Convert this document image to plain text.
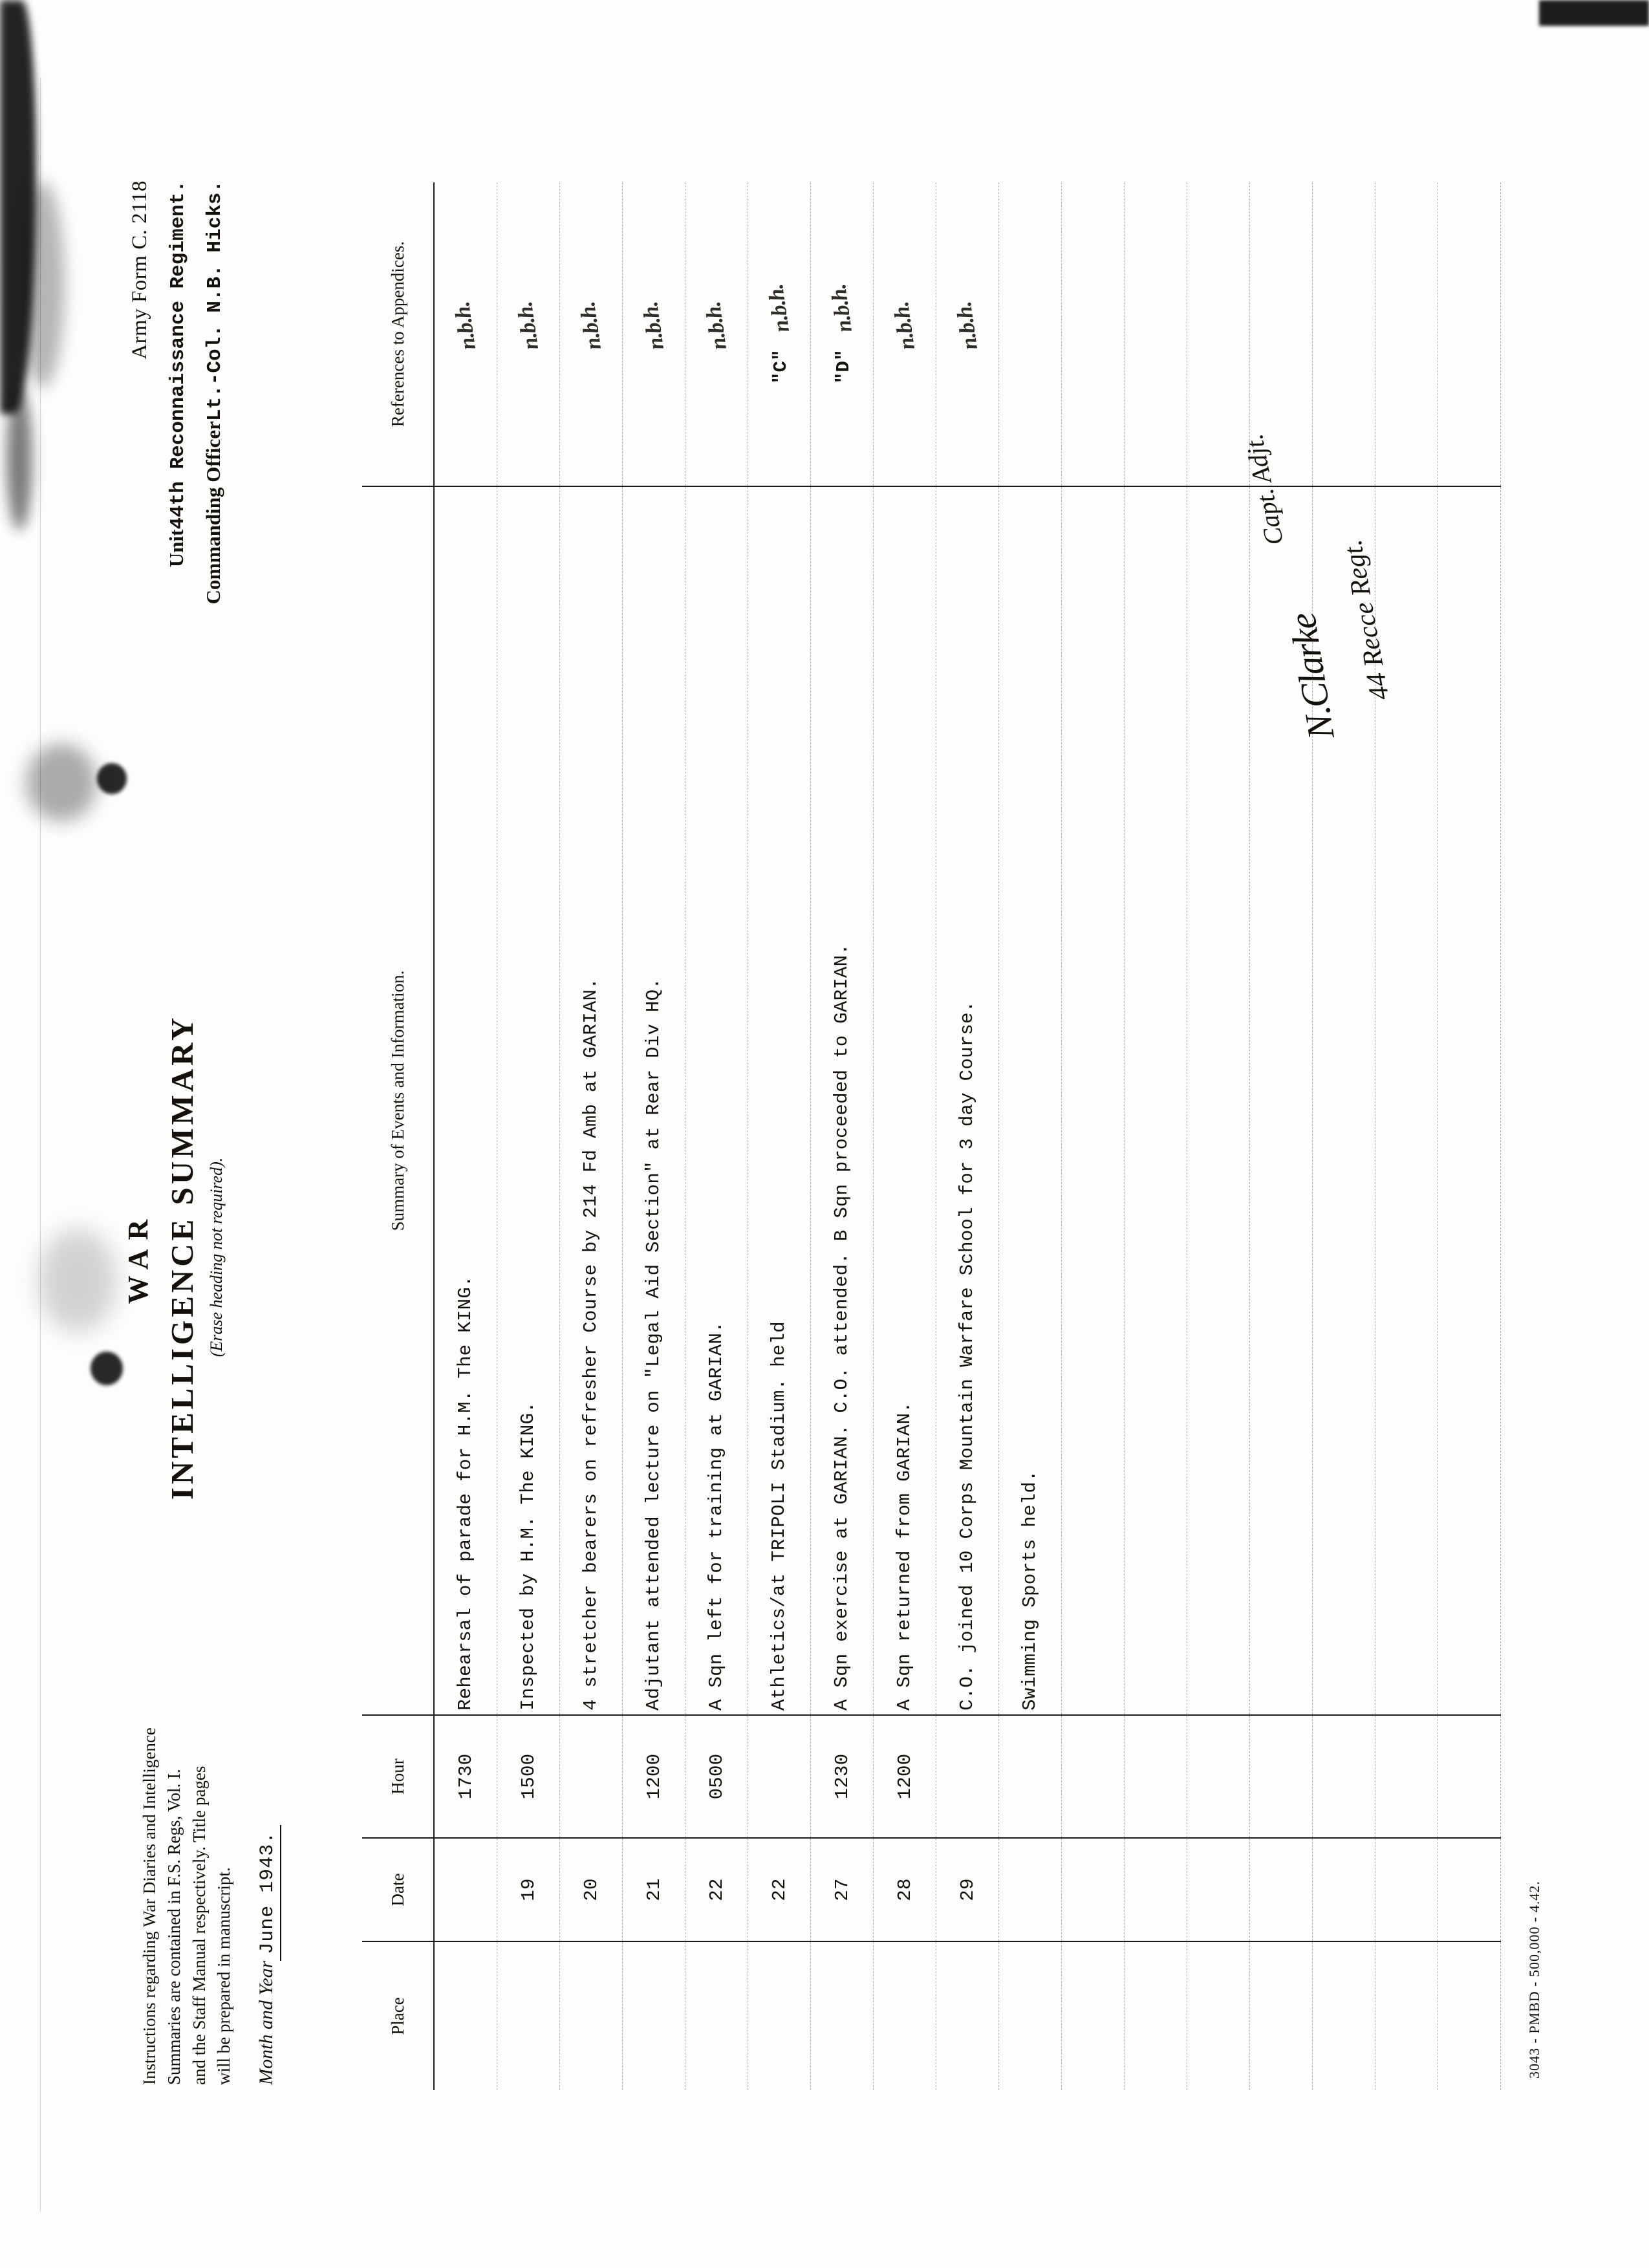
Instructions regarding War Diaries and Intelligence Summaries are contained in F.S. Regs, Vol. I. and the Staff Manual respectively. Title pages will be prepared in manuscript. Month and YearJune 1943.
WAR INTELLIGENCE SUMMARY (Erase heading not required).
Army Form C. 2118
Unit44th Reconnaissance Regiment. Commanding OfficerLt.-Col. N.B. Hicks.
Place	Date	Hour	Summary of Events and Information.	References to Appendices.
		1730	Rehearsal of parade for H.M. The KING.	n.b.h.
	19	1500	Inspected by H.M. The KING.	n.b.h.
	20		4 stretcher bearers on refresher Course by 214 Fd Amb at GARIAN.	n.b.h.
	21	1200	Adjutant attended lecture on "Legal Aid Section" at Rear Div HQ.	n.b.h.
	22	0500	A Sqn left for training at GARIAN.	n.b.h.
	22		Athletics/at TRIPOLI Stadium. held	"C"n.b.h.
	27	1230	A Sqn exercise at GARIAN. C.O. attended. B Sqn proceeded to GARIAN.	"D"n.b.h.
	28	1200	A Sqn returned from GARIAN.	n.b.h.
	29		C.O. joined 10 Corps Mountain Warfare School for 3 day Course.	n.b.h.
			Swimming Sports held.	

N.Clarke
Capt. Adjt.
44 Recce Regt.
3043 - PMBD - 500,000 - 4.42.
